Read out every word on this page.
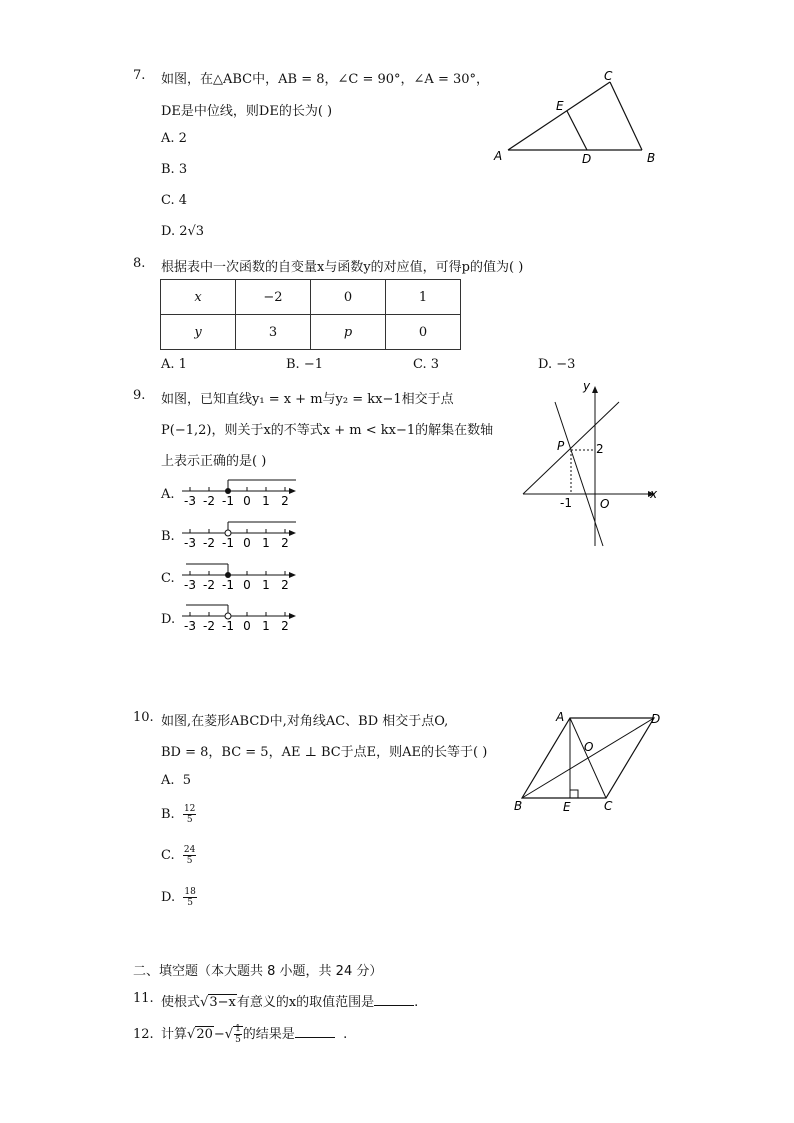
7. 如图，在△ABC中，AB = 8，∠C = 90°，∠A = 30°，
DE是中位线，则DE的长为( )
A. 2
B. 3
C. 4
D. 2√3
C
E
A	D	B
8. 根据表中一次函数的自变量x与函数y的对应值，可得p的值为( )
x	−2	0	1
y	3	p	0
A. 1	B. −1	C. 3	D. −3
9. 如图，已知直线y₁ = x + m与y₂ = kx−1相交于点
P(−1,2)，则关于x的不等式x + m < kx−1的解集在数轴
上表示正确的是( )
A.
B.
C.
D.
-3 -2 -1 0 1 2
-3 -2 -1 0 1 2
-3 -2 -1 0 1 2
-3 -2 -1 0 1 2
y
x
P	2
-1 O
10. 如图,在菱形ABCD中,对角线AC、BD 相交于点O,
BD = 8，BC = 5，AE ⊥ BC于点E，则AE的长等于( )
A. 5
B. $\frac{12}{5}$
C. $\frac{24}{5}$
D. $\frac{18}{5}$
A	D
O
B	E	C
二、填空题（本大题共 8 小题，共 24 分）
11. 使根式√3−x有意义的x的取值范围是	.
12. 计算$√20-√ \frac{1}{5}$ 的结果是	.
